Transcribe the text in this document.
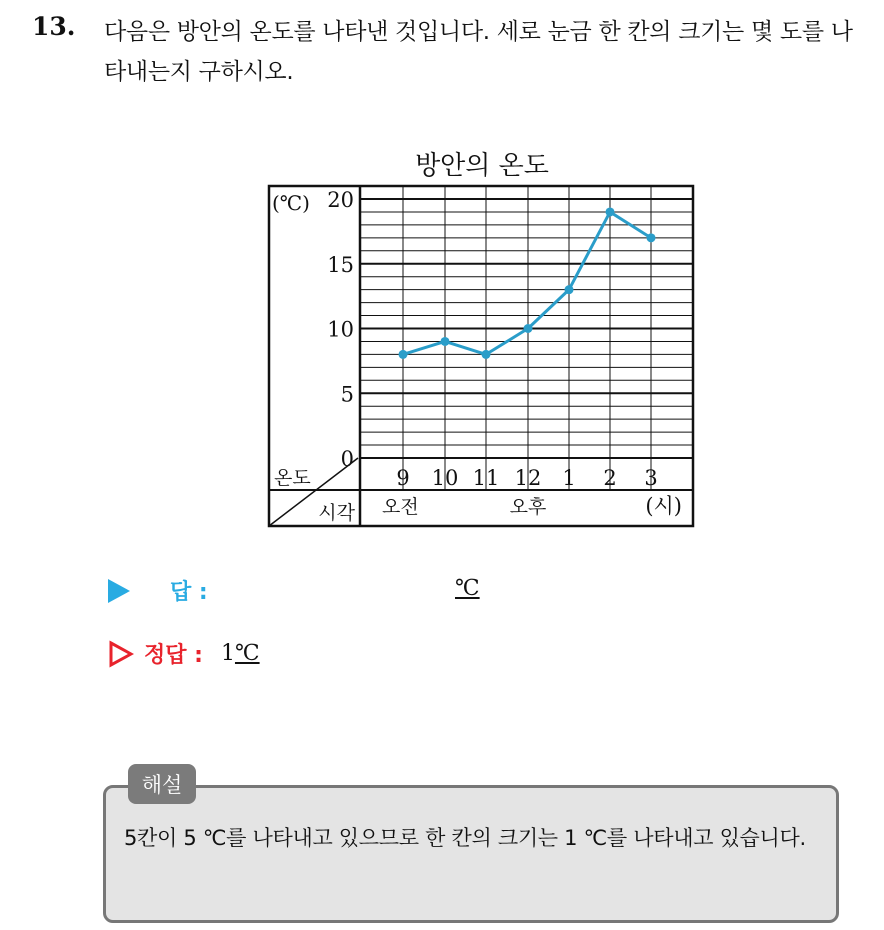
13. 다음은 방안의 온도를 나타낸 것입니다. 세로 눈금 한 칸의 크기는 몇 도를 나타내는지 구하시오.
방안의 온도
(℃)
0
5
10
15
20
9 10 11 12 1 2 3
오전	오후	(시)
온도
시각
답 :	℃
정답 : 1℃
해설
5칸이 5 ℃를 나타내고 있으므로 한 칸의 크기는 1 ℃를 나타내고 있습니다.
